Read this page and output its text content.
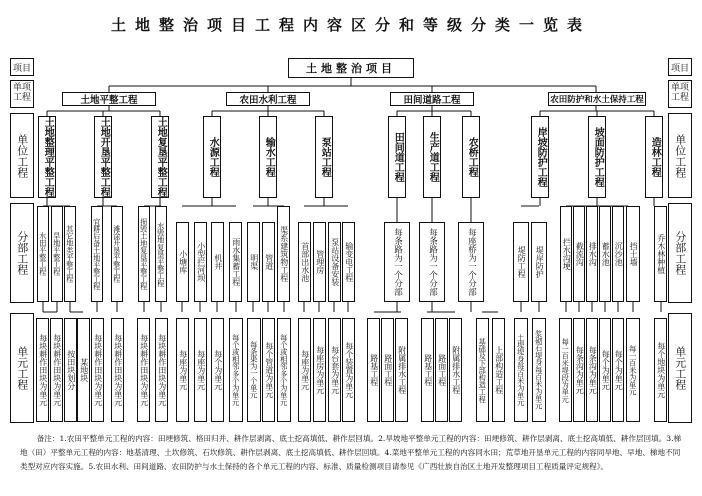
土地整治项目工程内容区分和等级分类一览表
项目
单项工程
单位工程
分部工程
单元工程
项目
单项工程
单位工程
分部工程
单元工程
土地整治项目
土地平整工程	农田水利工程	田间道路工程	农田防护和水土保持工程
土地整理平整工程	土地开垦平整工程	土地复垦平整工程	水源工程	输水工程	泵站工程	田间道工程	生产道工程	农桥工程	岸坡防护工程	坡面防护工程	造林工程
水田平整工程 旱地平整工程 其它地类平整工程	宜耕后备土地平整工程 滩涂开垦平整工程	损毁土地复垦平整工程 水毁地复垦平整工程	小塘库	小型拦河坝	机井	雨水集蓄工程	明渠 管道 渠系建筑物工程	首部出水池 管理房 泵站设备安装 输变电工程	每条路为一个分部	每条路为一个分部	每座桥为一个分部	堤防工程	堤岸防护	拦水沟埂 截流沟 排水沟 蓄水池 沉沙池 挡土墙	乔木林种植
每块耕作田块为单元 每块耕作田块为单元 按田块划分 某地块 每块耕作田块为单元	每块耕作田块为单元	每块耕作田块为单元	每块耕作田块为单元	每座为单元	每座为单元	每个为单元	每个或相邻多个为单元	每条渠为一个单元 每个管道为单元 每个或相邻多个为单元	每座为单元 每座房为单元 每台套为单元 每个装置为单元	路基工程 路面工程 附属排水工程	路基工程 路面工程 附属排水工程	基础及下部构造工程 上部构造工程	土堤堤身每百米为单元	浆砌石堤身每百米为单元	每一百米堤段为单元 每条沟为单元 每条沟为单元 每个为单元 每个为单元 每一百米为单元	每个地块为单元
备注：1.农田平整单元工程的内容：田埂修筑、格田归并、耕作层剥离、底土挖高填低、耕作层回填。2.旱坡地平整单元工程的内容：田埂修筑、耕作层剥离、底土挖高填低、耕作层回填。3.梯地（田）平整单元工程的内容：地基清理、土坎修筑、石坎修筑、耕作层剥离、底土挖高填低、耕作层回填。4.菜地平整单元工程的内容同水田；荒草地开垦单元工程的内容同旱地、早地、梯地不同类型对应内容实施。5.农田水利、田间道路、农田防护与水土保持的各个单元工程的内容、标准、质量检测项目请参见《广西壮族自治区土地开发整理项目工程质量评定规程》。
